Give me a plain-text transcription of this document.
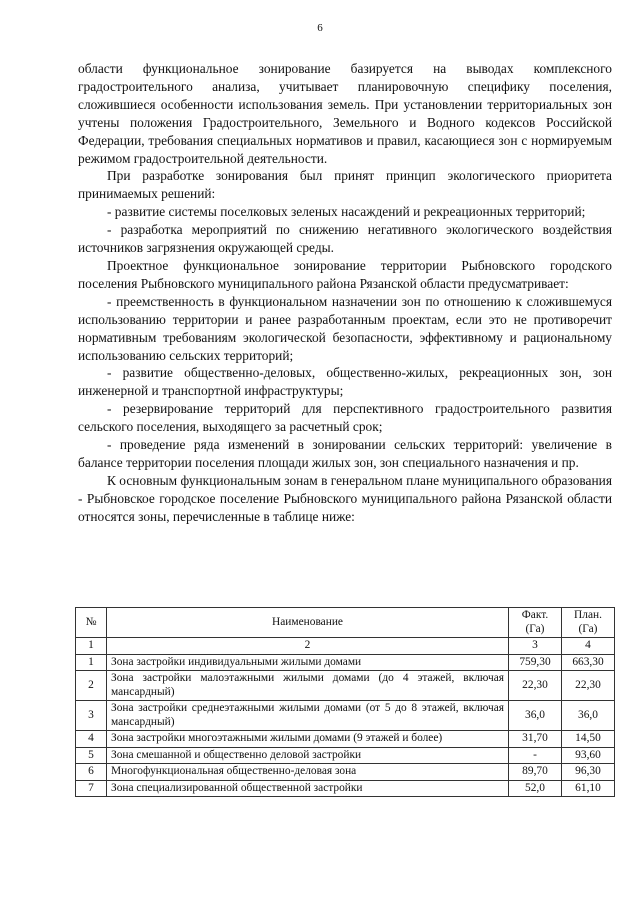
6

области функциональное зонирование базируется на выводах комплексного градостроительного анализа, учитывает планировочную специфику поселения, сложившиеся особенности использования земель. При установлении территориальных зон учтены положения Градостроительного, Земельного и Водного кодексов Российской Федерации, требования специальных нормативов и правил, касающиеся зон с нормируемым режимом градостроительной деятельности.

При разработке зонирования был принят принцип экологического приоритета принимаемых решений:

- развитие системы поселковых зеленых насаждений и рекреационных территорий;

- разработка мероприятий по снижению негативного экологического воздействия источников загрязнения окружающей среды.

Проектное функциональное зонирование территории Рыбновского городского поселения Рыбновского муниципального района Рязанской области предусматривает:

- преемственность в функциональном назначении зон по отношению к сложившемуся использованию территории и ранее разработанным проектам, если это не противоречит нормативным требованиям экологической безопасности, эффективному и рациональному использованию сельских территорий;

- развитие общественно-деловых, общественно-жилых, рекреационных зон, зон инженерной и транспортной инфраструктуры;

- резервирование территорий для перспективного градостроительного развития сельского поселения, выходящего за расчетный срок;

- проведение ряда изменений в зонировании сельских территорий: увеличение в балансе территории поселения площади жилых зон, зон специального назначения и пр.

К основным функциональным зонам в генеральном плане муниципального образования - Рыбновское городское поселение Рыбновского муниципального района Рязанской области относятся зоны, перечисленные в таблице ниже:

№	Наименование	Факт. (Га)	План. (Га)
1	2	3	4
1	Зона застройки индивидуальными жилыми домами	759,30	663,30
2	Зона застройки малоэтажными жилыми домами (до 4 этажей, включая мансардный)	22,30	22,30
3	Зона застройки среднеэтажными жилыми домами (от 5 до 8 этажей, включая мансардный)	36,0	36,0
4	Зона застройки многоэтажными жилыми домами (9 этажей и более)	31,70	14,50
5	Зона смешанной и общественно деловой застройки	-	93,60
6	Многофункциональная общественно-деловая зона	89,70	96,30
7	Зона специализированной общественной застройки	52,0	61,10
